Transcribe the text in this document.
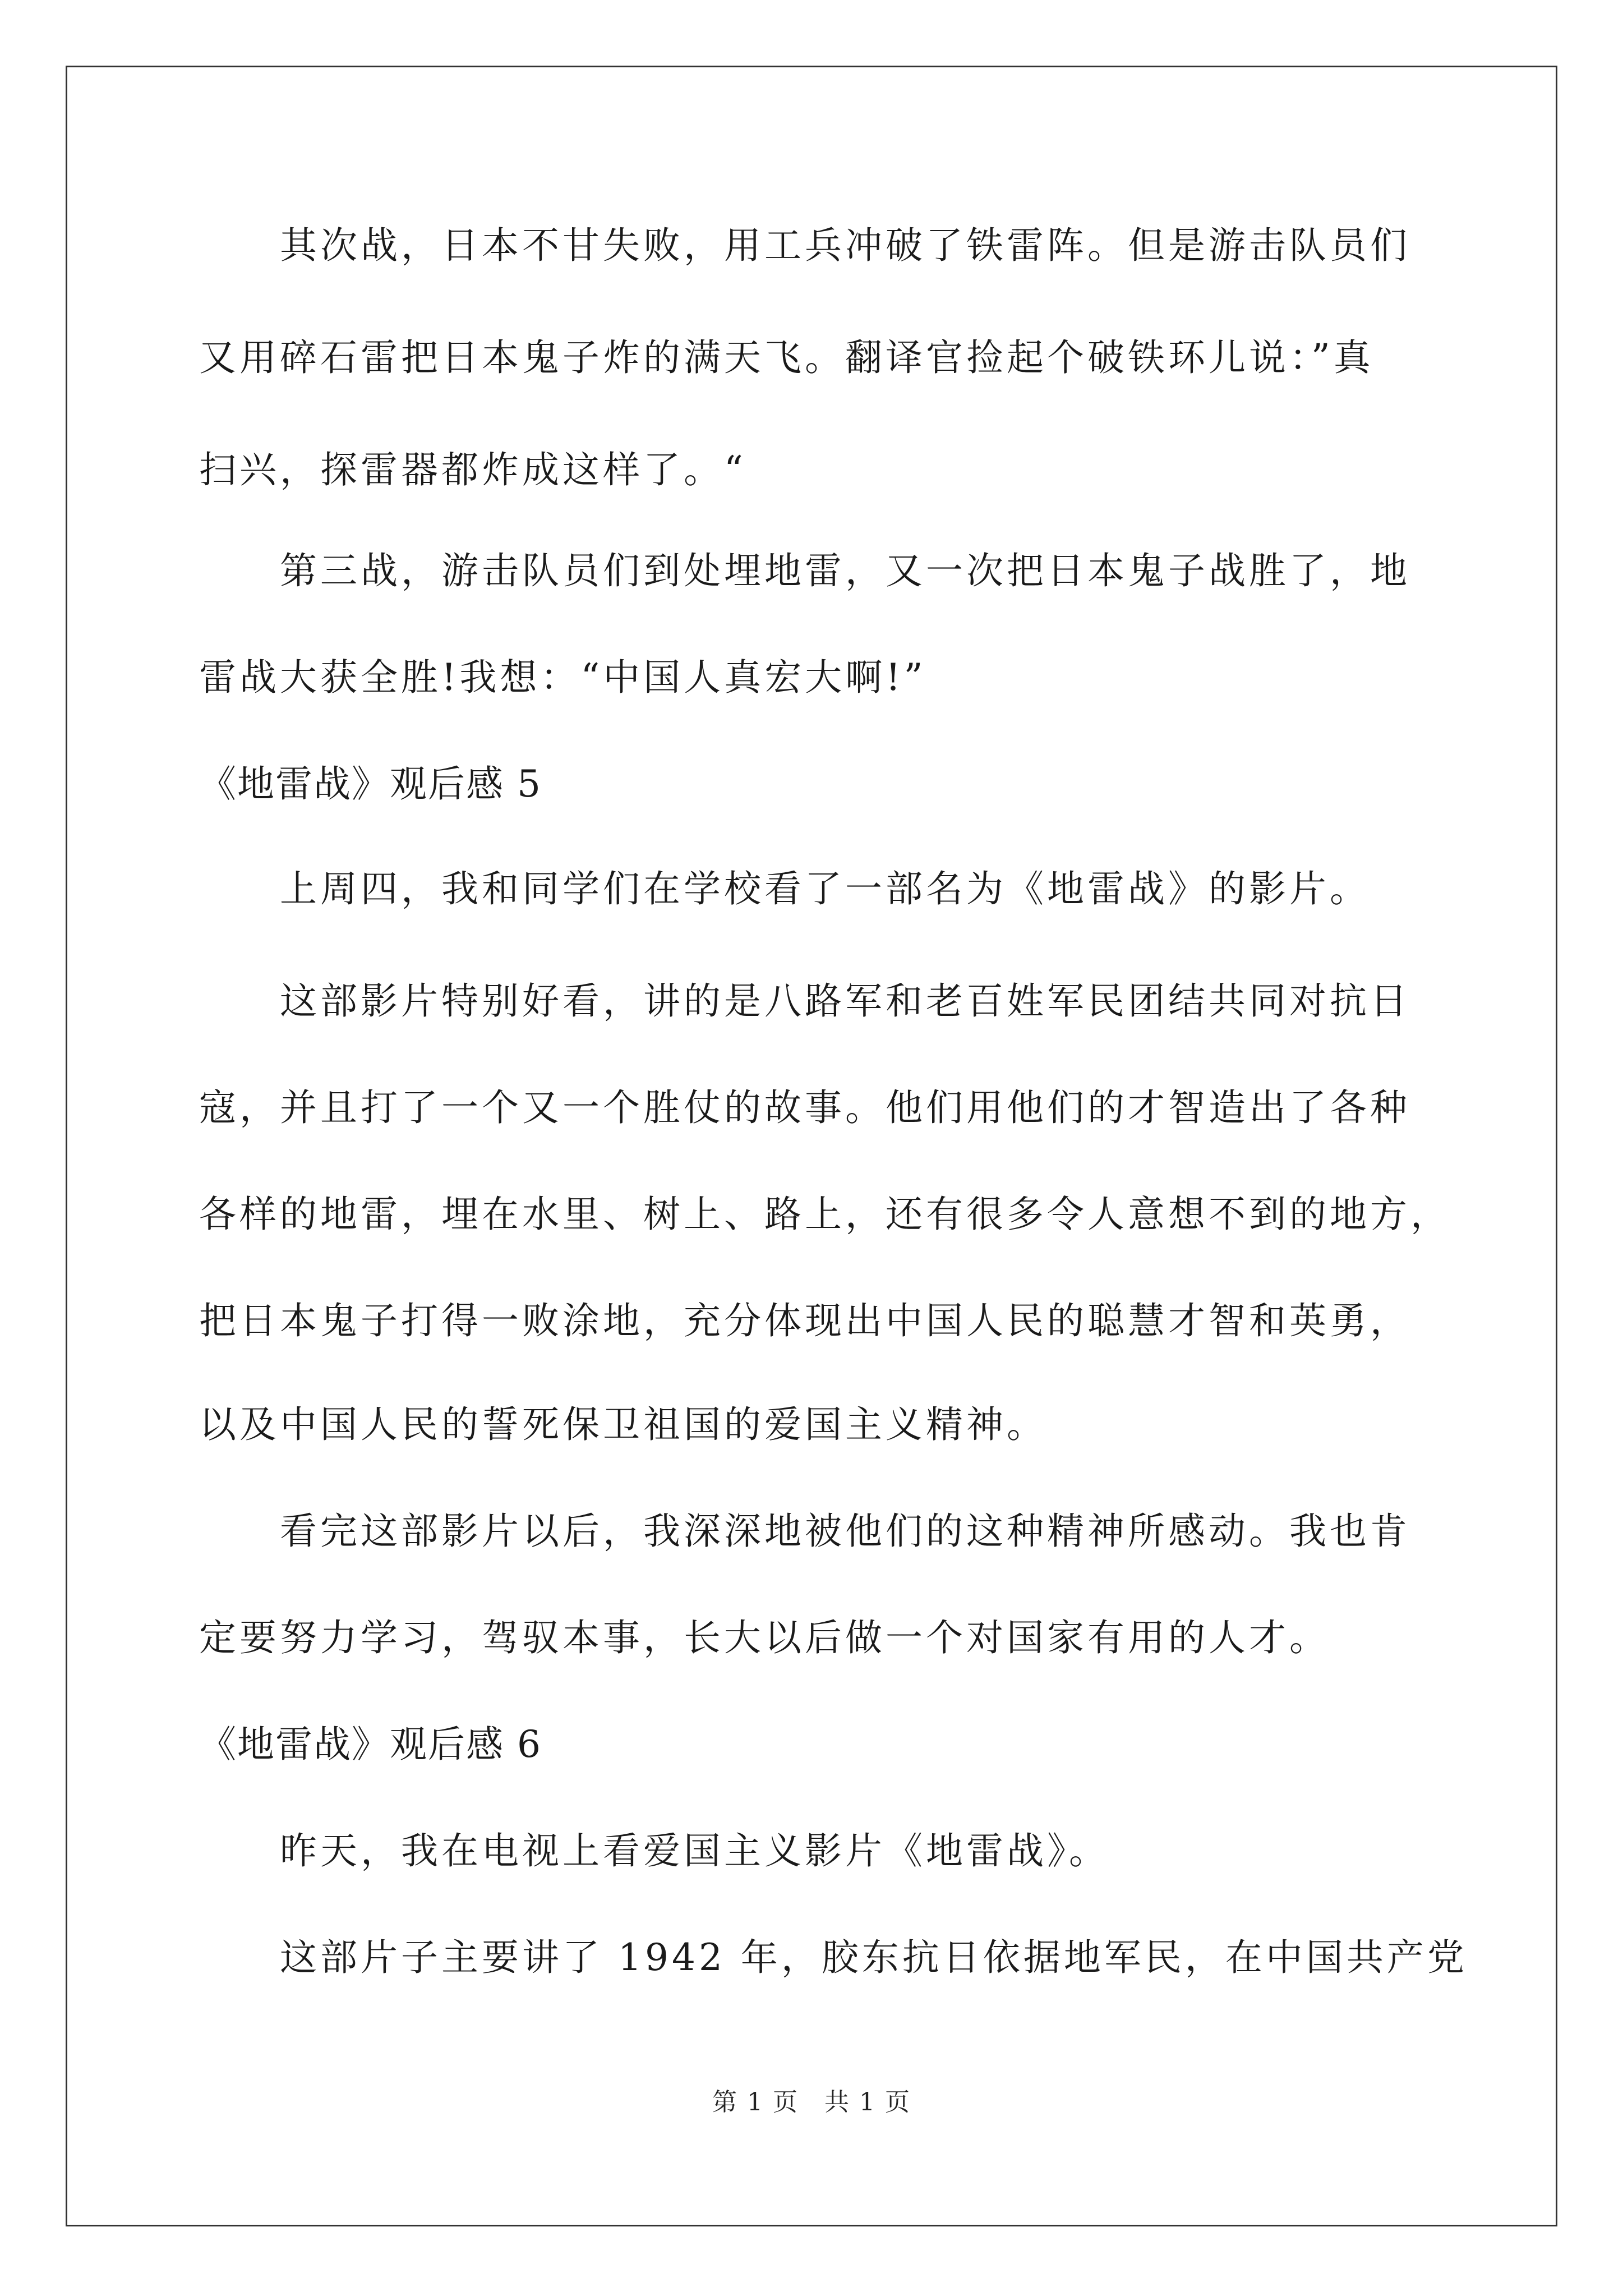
其次战，日本不甘失败，用工兵冲破了铁雷阵。但是游击队员们
又用碎石雷把日本鬼子炸的满天飞。翻译官捡起个破铁环儿说：”真
扫兴，探雷器都炸成这样了。“
第三战，游击队员们到处埋地雷，又一次把日本鬼子战胜了，地
雷战大获全胜!我想：“中国人真宏大啊!”
《地雷战》观后感 5
上周四，我和同学们在学校看了一部名为《地雷战》的影片。
这部影片特别好看，讲的是八路军和老百姓军民团结共同对抗日
寇，并且打了一个又一个胜仗的故事。他们用他们的才智造出了各种
各样的地雷，埋在水里、树上、路上，还有很多令人意想不到的地方，
把日本鬼子打得一败涂地，充分体现出中国人民的聪慧才智和英勇，
以及中国人民的誓死保卫祖国的爱国主义精神。
看完这部影片以后，我深深地被他们的这种精神所感动。我也肯
定要努力学习，驾驭本事，长大以后做一个对国家有用的人才。
《地雷战》观后感 6
昨天，我在电视上看爱国主义影片《地雷战》。
这部片子主要讲了 1942 年，胶东抗日依据地军民，在中国共产党
第 1 页　共 1 页
